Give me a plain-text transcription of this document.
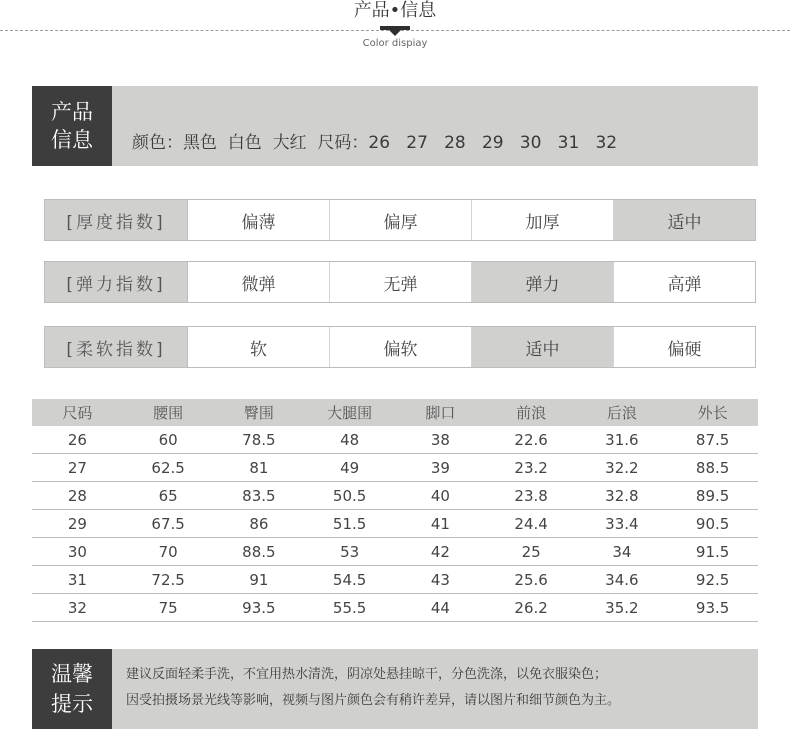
产品•信息
Color dispiay
产品
信息 颜色：黑色  白色  大红  尺码：26   27   28   29   30   31   32
[厚度指数]	偏薄	偏厚	加厚	适中
[弹力指数]	微弹	无弹	弹力	高弹
[柔软指数]	软	偏软	适中	偏硬
尺码	腰围	臀围	大腿围	脚口	前浪	后浪	外长
26	60	78.5	48	38	22.6	31.6	87.5
27	62.5	81	49	39	23.2	32.2	88.5
28	65	83.5	50.5	40	23.8	32.8	89.5
29	67.5	86	51.5	41	24.4	33.4	90.5
30	70	88.5	53	42	25	34	91.5
31	72.5	91	54.5	43	25.6	34.6	92.5
32	75	93.5	55.5	44	26.2	35.2	93.5
温馨
提示
建议反面轻柔手洗，不宜用热水清洗，阴凉处悬挂晾干，分色洗涤，以免衣服染色；
因受拍摄场景光线等影响，视频与图片颜色会有稍许差异，请以图片和细节颜色为主。
